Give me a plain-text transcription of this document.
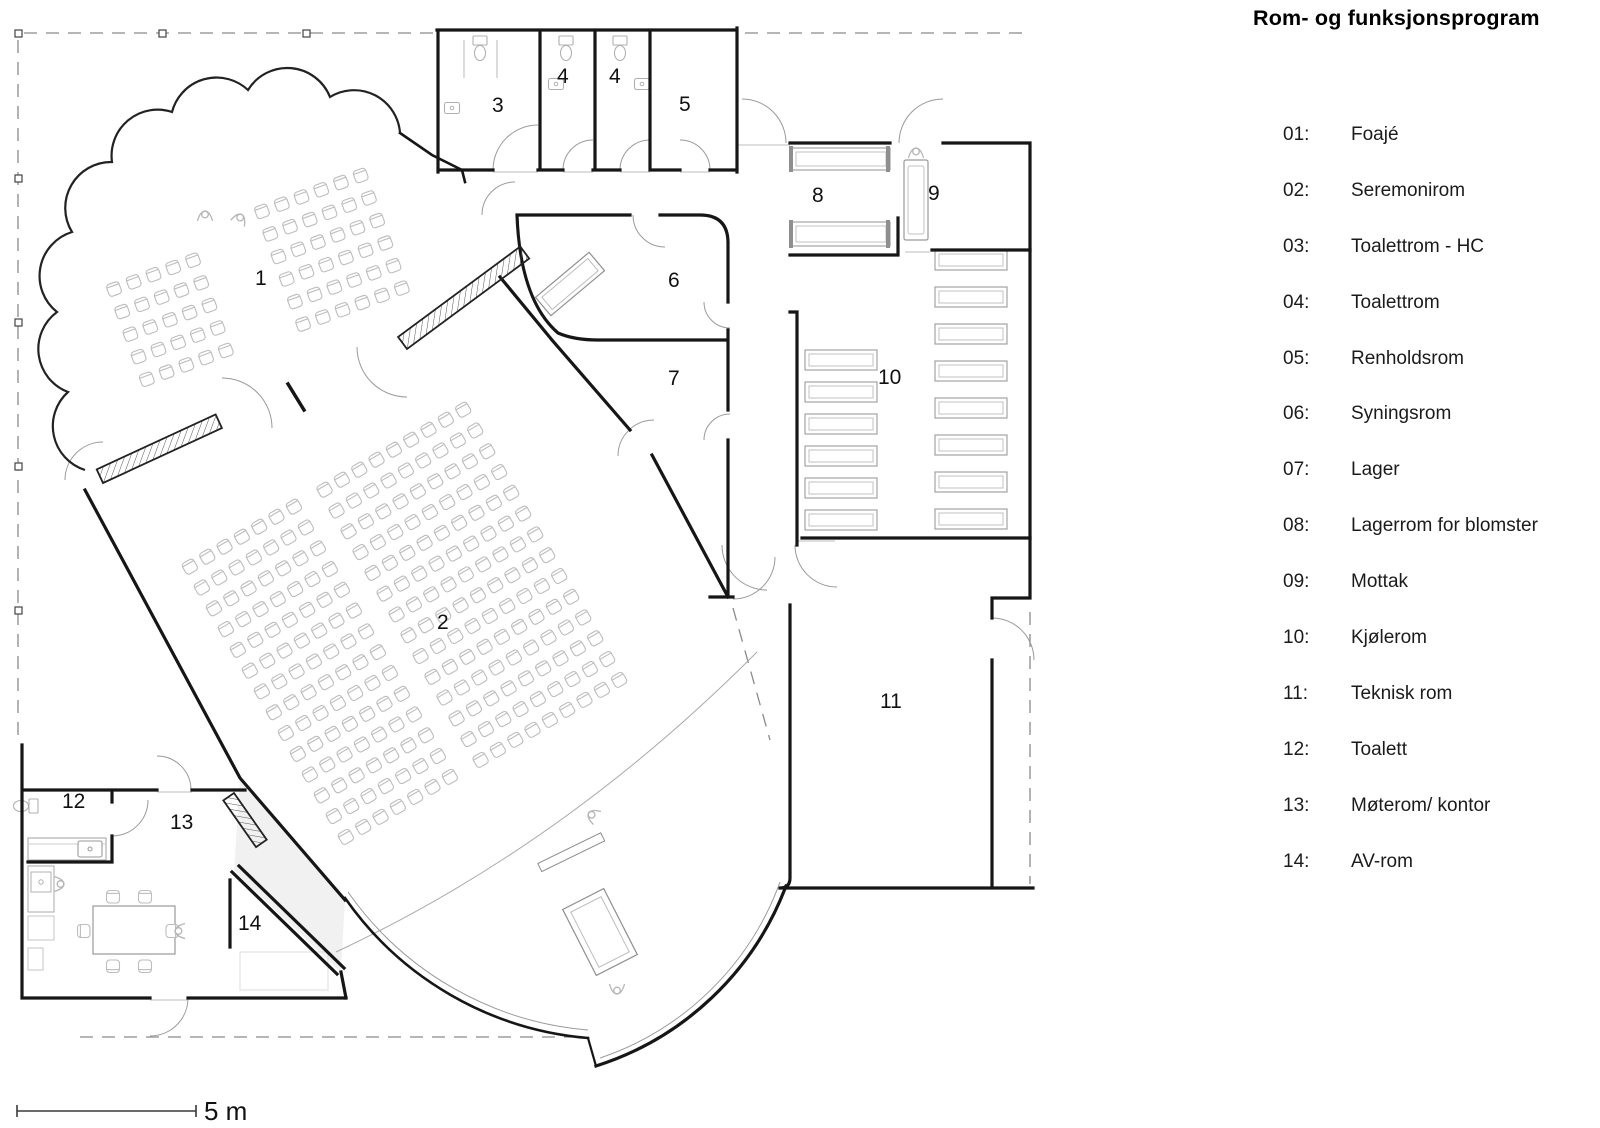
1
2
3
4 4
5
6
7
8	9
10
11
12
13
14
5 m
Rom- og funksjonsprogram
01:	Foajé
02:	Seremonirom
03:	Toalettrom - HC
04:	Toalettrom
05:	Renholdsrom
06:	Syningsrom
07:	Lager
08:	Lagerrom for blomster
09:	Mottak
10:	Kjølerom
11:	Teknisk rom
12:	Toalett
13:	Møterom/ kontor
14:	AV-rom
